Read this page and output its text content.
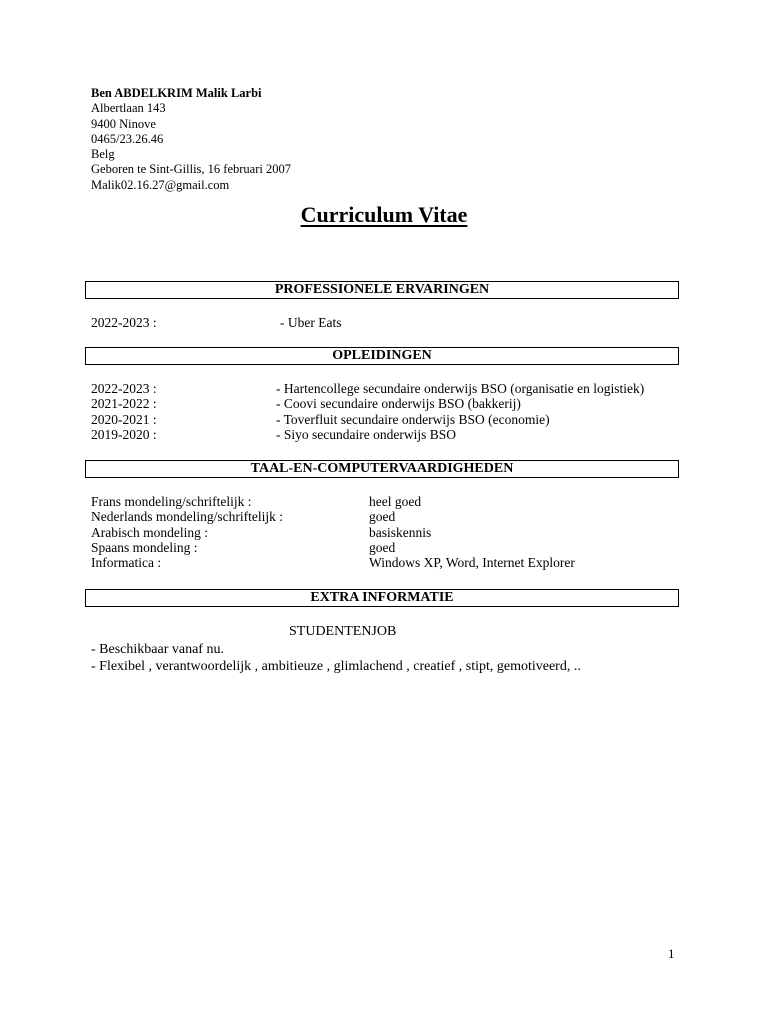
Ben ABDELKRIM Malik Larbi
Albertlaan 143
9400 Ninove
0465/23.26.46
Belg
Geboren te Sint-Gillis, 16 februari 2007
Malik02.16.27@gmail.com
Curriculum Vitae
PROFESSIONELE ERVARINGEN
2022-2023 :	- Uber Eats
OPLEIDINGEN
2022-2023 :	- Hartencollege secundaire onderwijs BSO (organisatie en logistiek)
2021-2022 :	- Coovi secundaire onderwijs BSO (bakkerij)
2020-2021 :	- Toverfluit secundaire onderwijs BSO (economie)
2019-2020 :	- Siyo secundaire onderwijs BSO
TAAL-EN-COMPUTERVAARDIGHEDEN
Frans mondeling/schriftelijk :	heel goed
Nederlands mondeling/schriftelijk :	goed
Arabisch mondeling :	basiskennis
Spaans mondeling :	goed
Informatica :	Windows XP, Word, Internet Explorer
EXTRA INFORMATIE
STUDENTENJOB
- Beschikbaar vanaf nu.
- Flexibel , verantwoordelijk , ambitieuze , glimlachend , creatief , stipt, gemotiveerd, ..
1
